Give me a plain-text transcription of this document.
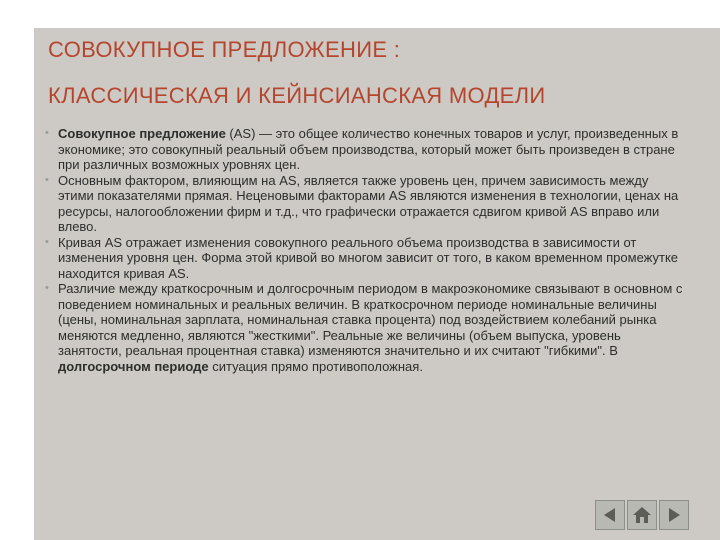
СОВОКУПНОЕ ПРЕДЛОЖЕНИЕ :
КЛАССИЧЕСКАЯ И КЕЙНСИАНСКАЯ МОДЕЛИ
• Совокупное предложение (AS) — это общее количество конечных товаров и услуг, произведенных в экономике; это совокупный реальный объем производства, который может быть произведен в стране при различных возможных уровнях цен.
• Основным фактором, влияющим на AS, является также уровень цен, причем зависимость между этими показателями прямая. Неценовыми факторами AS являются изменения в технологии, ценах на ресурсы, налогообложении фирм и т.д., что графически отражается сдвигом кривой AS вправо или влево.
• Кривая AS отражает изменения совокупного реального объема производства в зависимости от изменения уровня цен. Форма этой кривой во многом зависит от того, в каком временном промежутке находится кривая AS.
• Различие между краткосрочным и долгосрочным периодом в макроэкономике связывают в основном с поведением номинальных и реальных величин. В краткосрочном периоде номинальные величины (цены, номинальная зарплата, номинальная ставка процента) под воздействием колебаний рынка меняются медленно, являются "жесткими". Реальные же величины (объем выпуска, уровень занятости, реальная процентная ставка) изменяются значительно и их считают "гибкими". В долгосрочном периоде ситуация прямо противоположная.
